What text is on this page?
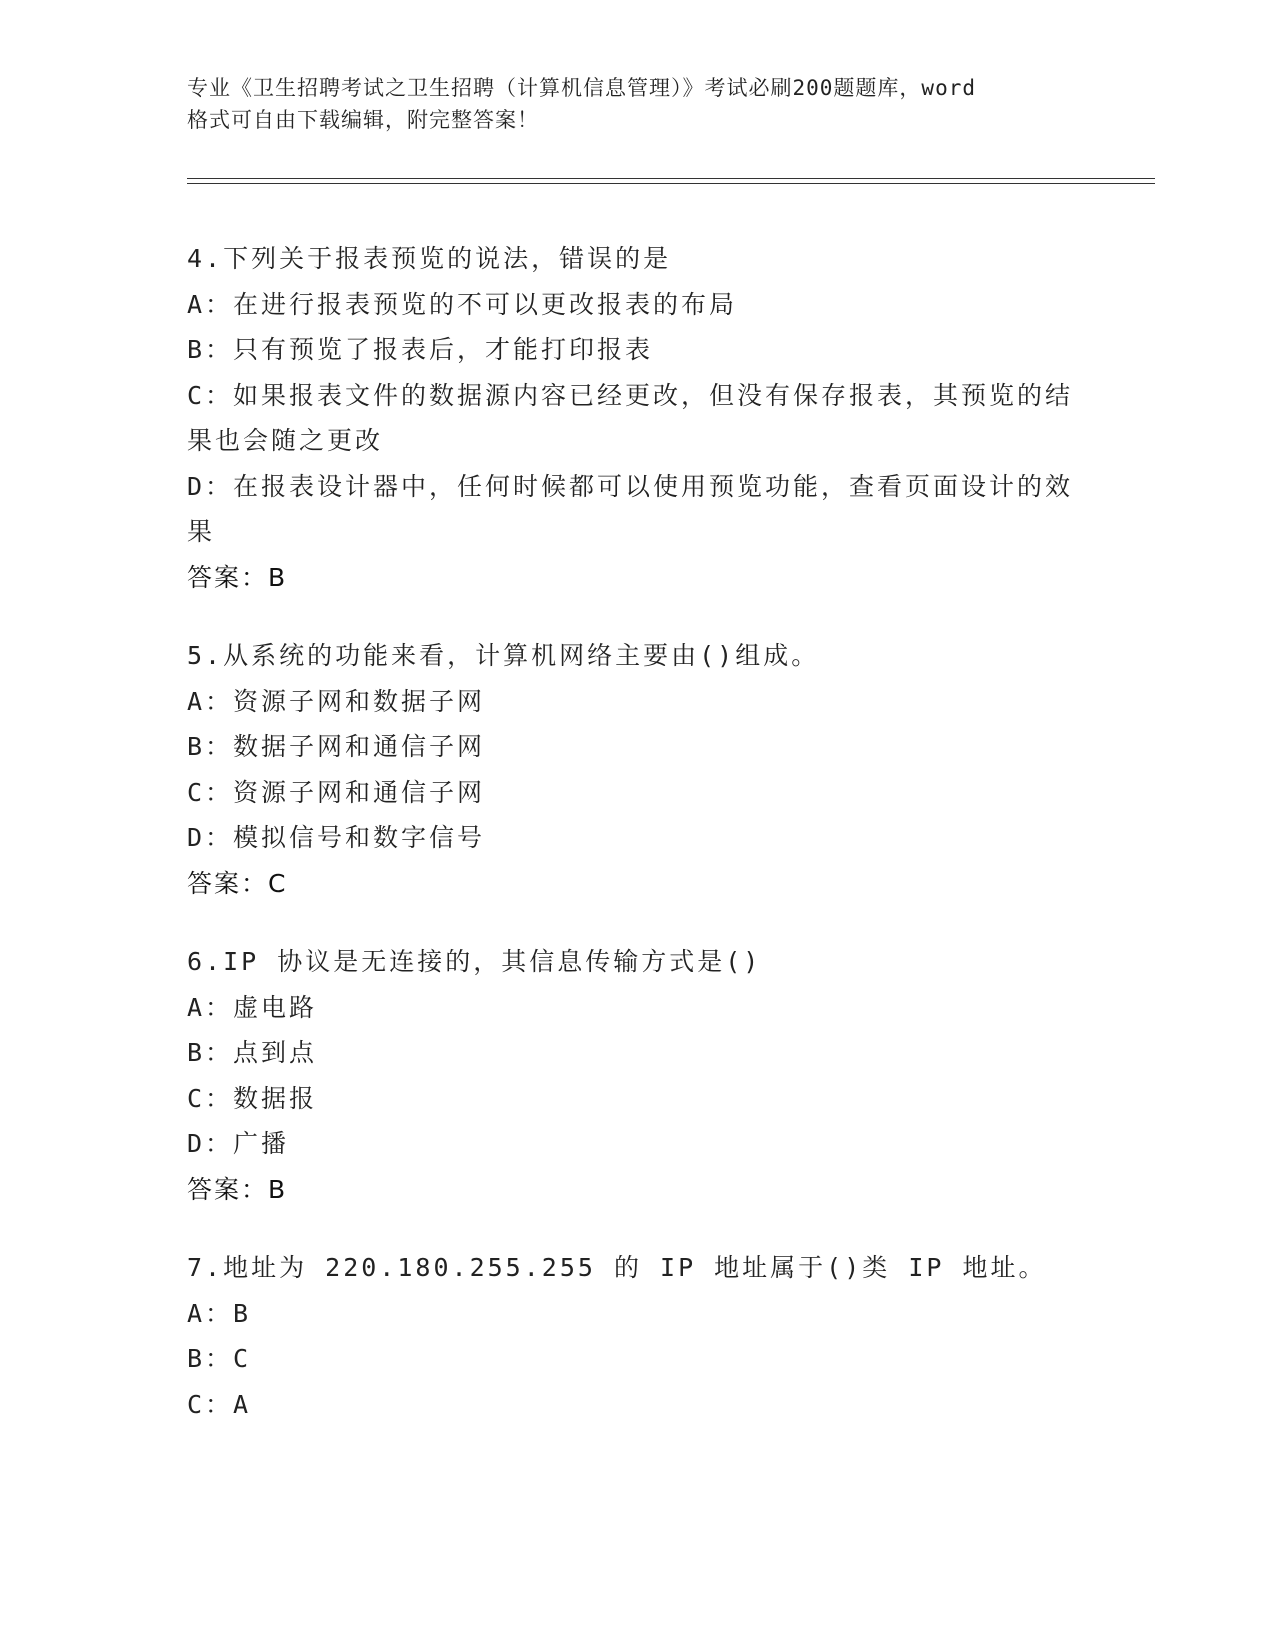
专业《卫生招聘考试之卫生招聘（计算机信息管理）》考试必刷200题题库，word
格式可自由下载编辑，附完整答案！
4.下列关于报表预览的说法，错误的是
A：在进行报表预览的不可以更改报表的布局
B：只有预览了报表后，才能打印报表
C：如果报表文件的数据源内容已经更改，但没有保存报表，其预览的结果也会随之更改
D：在报表设计器中，任何时候都可以使用预览功能，查看页面设计的效果
答案：B
5.从系统的功能来看，计算机网络主要由()组成。
A：资源子网和数据子网
B：数据子网和通信子网
C：资源子网和通信子网
D：模拟信号和数字信号
答案：C
6.IP 协议是无连接的，其信息传输方式是()
A：虚电路
B：点到点
C：数据报
D：广播
答案：B
7.地址为 220.180.255.255 的 IP 地址属于()类 IP 地址。
A：B
B：C
C：A
